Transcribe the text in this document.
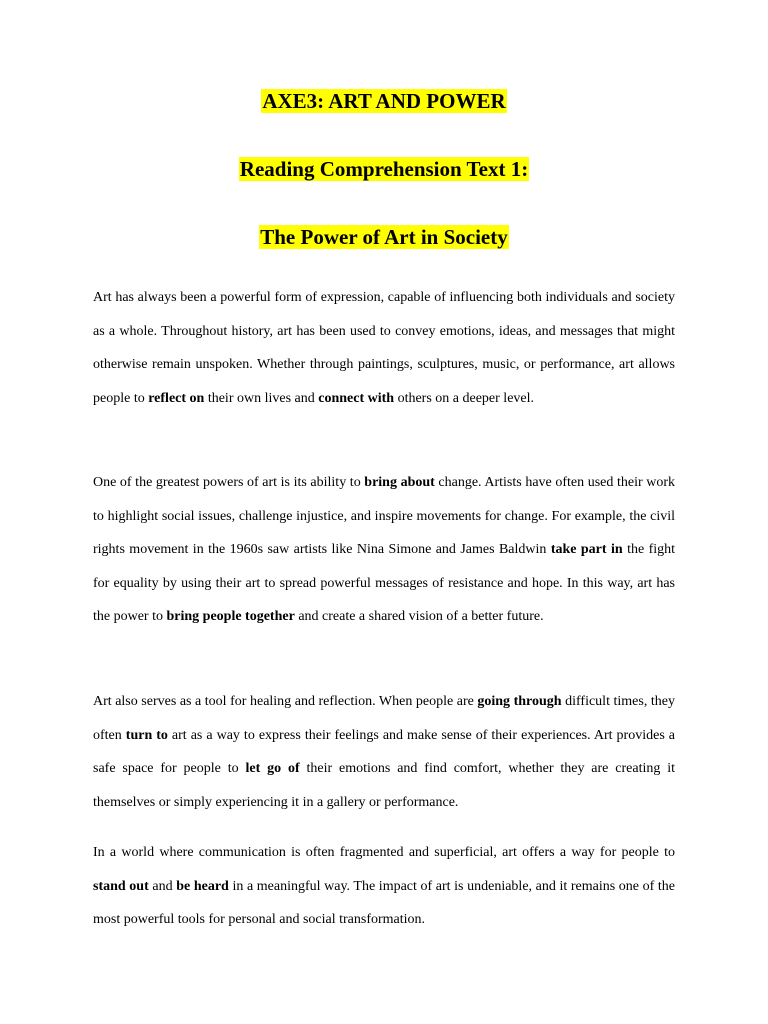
AXE3: ART AND POWER
Reading Comprehension Text 1:
The Power of Art in Society

Art has always been a powerful form of expression, capable of influencing both individuals and society as a whole. Throughout history, art has been used to convey emotions, ideas, and messages that might otherwise remain unspoken. Whether through paintings, sculptures, music, or performance, art allows people to reflect on their own lives and connect with others on a deeper level.

One of the greatest powers of art is its ability to bring about change. Artists have often used their work to highlight social issues, challenge injustice, and inspire movements for change. For example, the civil rights movement in the 1960s saw artists like Nina Simone and James Baldwin take part in the fight for equality by using their art to spread powerful messages of resistance and hope. In this way, art has the power to bring people together and create a shared vision of a better future.

Art also serves as a tool for healing and reflection. When people are going through difficult times, they often turn to art as a way to express their feelings and make sense of their experiences. Art provides a safe space for people to let go of their emotions and find comfort, whether they are creating it themselves or simply experiencing it in a gallery or performance.

In a world where communication is often fragmented and superficial, art offers a way for people to stand out and be heard in a meaningful way. The impact of art is undeniable, and it remains one of the most powerful tools for personal and social transformation.
